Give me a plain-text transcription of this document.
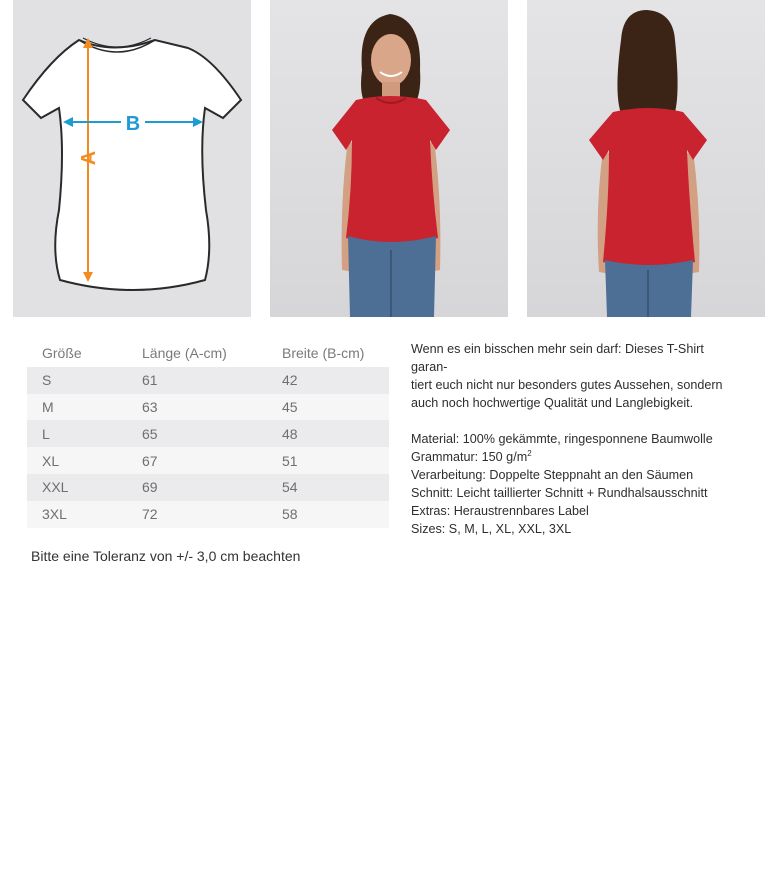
A
B
Größe	Länge (A-cm)	Breite (B-cm)
S	61	42
M	63	45
L	65	48
XL	67	51
XXL	69	54
3XL	72	58

Bitte eine Toleranz von +/- 3,0 cm beachten

Wenn es ein bisschen mehr sein darf: Dieses T-Shirt garan-

tiert euch nicht nur besonders gutes Aussehen, sondern

auch noch hochwertige Qualität und Langlebigkeit.

Material: 100% gekämmte, ringesponnene Baumwolle

Grammatur: 150 $g/m^2$

Verarbeitung: Doppelte Steppnaht an den Säumen

Schnitt: Leicht taillierter Schnitt + Rundhalsausschnitt

Extras: Heraustrennbares Label

Sizes: S, M, L, XL, XXL, 3XL
